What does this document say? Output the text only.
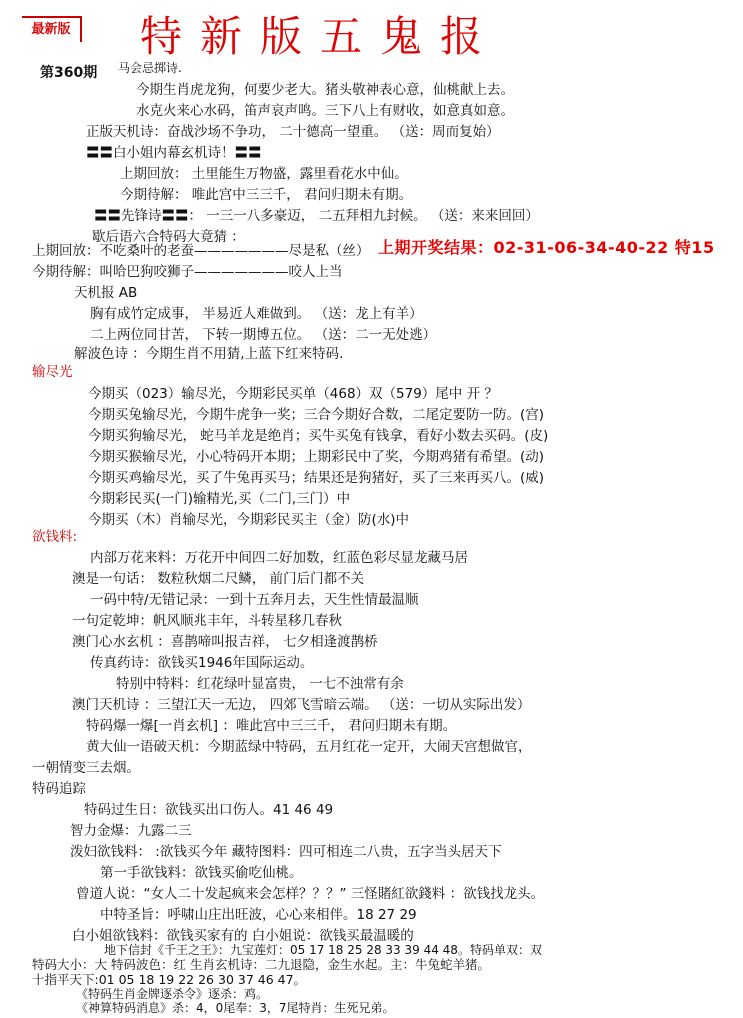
最新版 特新版五鬼报
第360期 马会忌掷诗.
今期生肖虎龙狗，何要少老大。猪头敬神表心意，仙桃献上去。
水克火来心水码，笛声哀声鸣。三下八上有财收，如意真如意。
正版天机诗：奋战沙场不争功， 二十德高一望重。 （送：周而复始）
〓〓白小姐内幕玄机诗！〓〓
上期回放： 土里能生万物盛，露里看花水中仙。
今期待解： 唯此宫中三三千， 君问归期未有期。
〓〓先锋诗〓〓： 一三一八多豪迈， 二五拜相九封候。 （送：来来回回）
歇后语六合特码大竟猜 ：
上期回放：不吃桑叶的老蚕———————尽是私（丝） 上期开奖结果：02-31-06-34-40-22 特15
今期待解：叫哈巴狗咬狮子———————咬人上当
天机报 AB
胸有成竹定成事， 半易近人难做到。 （送：龙上有羊）
二上两位同甘苦， 下转一期博五位。 （送：二一无处逃）
解波色诗 ：今期生肖不用猜,上蓝下红来特码.
输尽光
今期买（023）输尽光，今期彩民买单（468）双（579）尾中 开 ？
今期买兔输尽光，今期牛虎争一奖；三合今期好合数，二尾定要防一防。(宫)
今期买狗输尽光， 蛇马羊龙是绝肖；买牛买兔有钱拿，看好小数去买码。(皮)
今期买猴输尽光，小心特码开本期；上期彩民中了奖，今期鸡猪有希望。(动)
今期买鸡输尽光，买了牛兔再买马；结果还是狗猪好，买了三来再买八。(威)
今期彩民买(一门)输精光,买（二门,三门）中
今期买（木）肖输尽光，今期彩民买主（金）防(水)中
欲钱料:
内部万花来料：万花开中间四二好加数，红蓝色彩尽显龙藏马居
澳是一句话： 数粒秋烟二尺鳞， 前门后门都不关
一码中特/无错记录：一到十五奔月去，天生性情最温顺
一句定乾坤：帆风顺兆丰年，斗转星移几春秋
澳门心水玄机 ：喜鹊啼叫报吉祥， 七夕相逢渡鹊桥
传真药诗：欲钱买1946年国际运动。
特别中特料：红花绿叶显富贵， 一七不浊常有余
澳门天机诗 ：三望江天一无边， 四郊飞雪暗云端。 （送：一切从实际出发）
特码爆一爆[一肖玄机] ：唯此宫中三三千， 君问归期未有期。
黄大仙一语破天机：今期蓝绿中特码，五月红花一定开，大闹天宫想做官，
一朝情变三去烟。
特码追踪
特码过生日：欲钱买出口伤人。41 46 49
智力金爆：九露二三
泼妇欲钱料： :欲钱买今年 藏特图料：四可相连二八贵，五字当头居天下
第一手欲钱料：欲钱买偷吃仙桃。
曾道人说：“女人二十发起疯来会怎样？？？” 三怪賭紅欲錢料 ：欲钱找龙头。
中特圣旨：呼啸山庄出旺波，心心来相伴。18 27 29
白小姐欲钱料：欲钱买家有的 白小姐说：欲钱买最温暖的
地下信封《千王之王》：九宝莲灯：05 17 18 25 28 33 39 44 48。特码单双：双
特码大小：大 特码波色：红 生肖玄机诗：二九退隐，金生水起。主：牛兔蛇羊猪。
十指平天下:01 05 18 19 22 26 30 37 46 47。
《特码生肖金牌逐杀令》逐杀：鸡。
《神算特码消息》杀：4，0尾奉：3，7尾特肖：生死兄弟。
